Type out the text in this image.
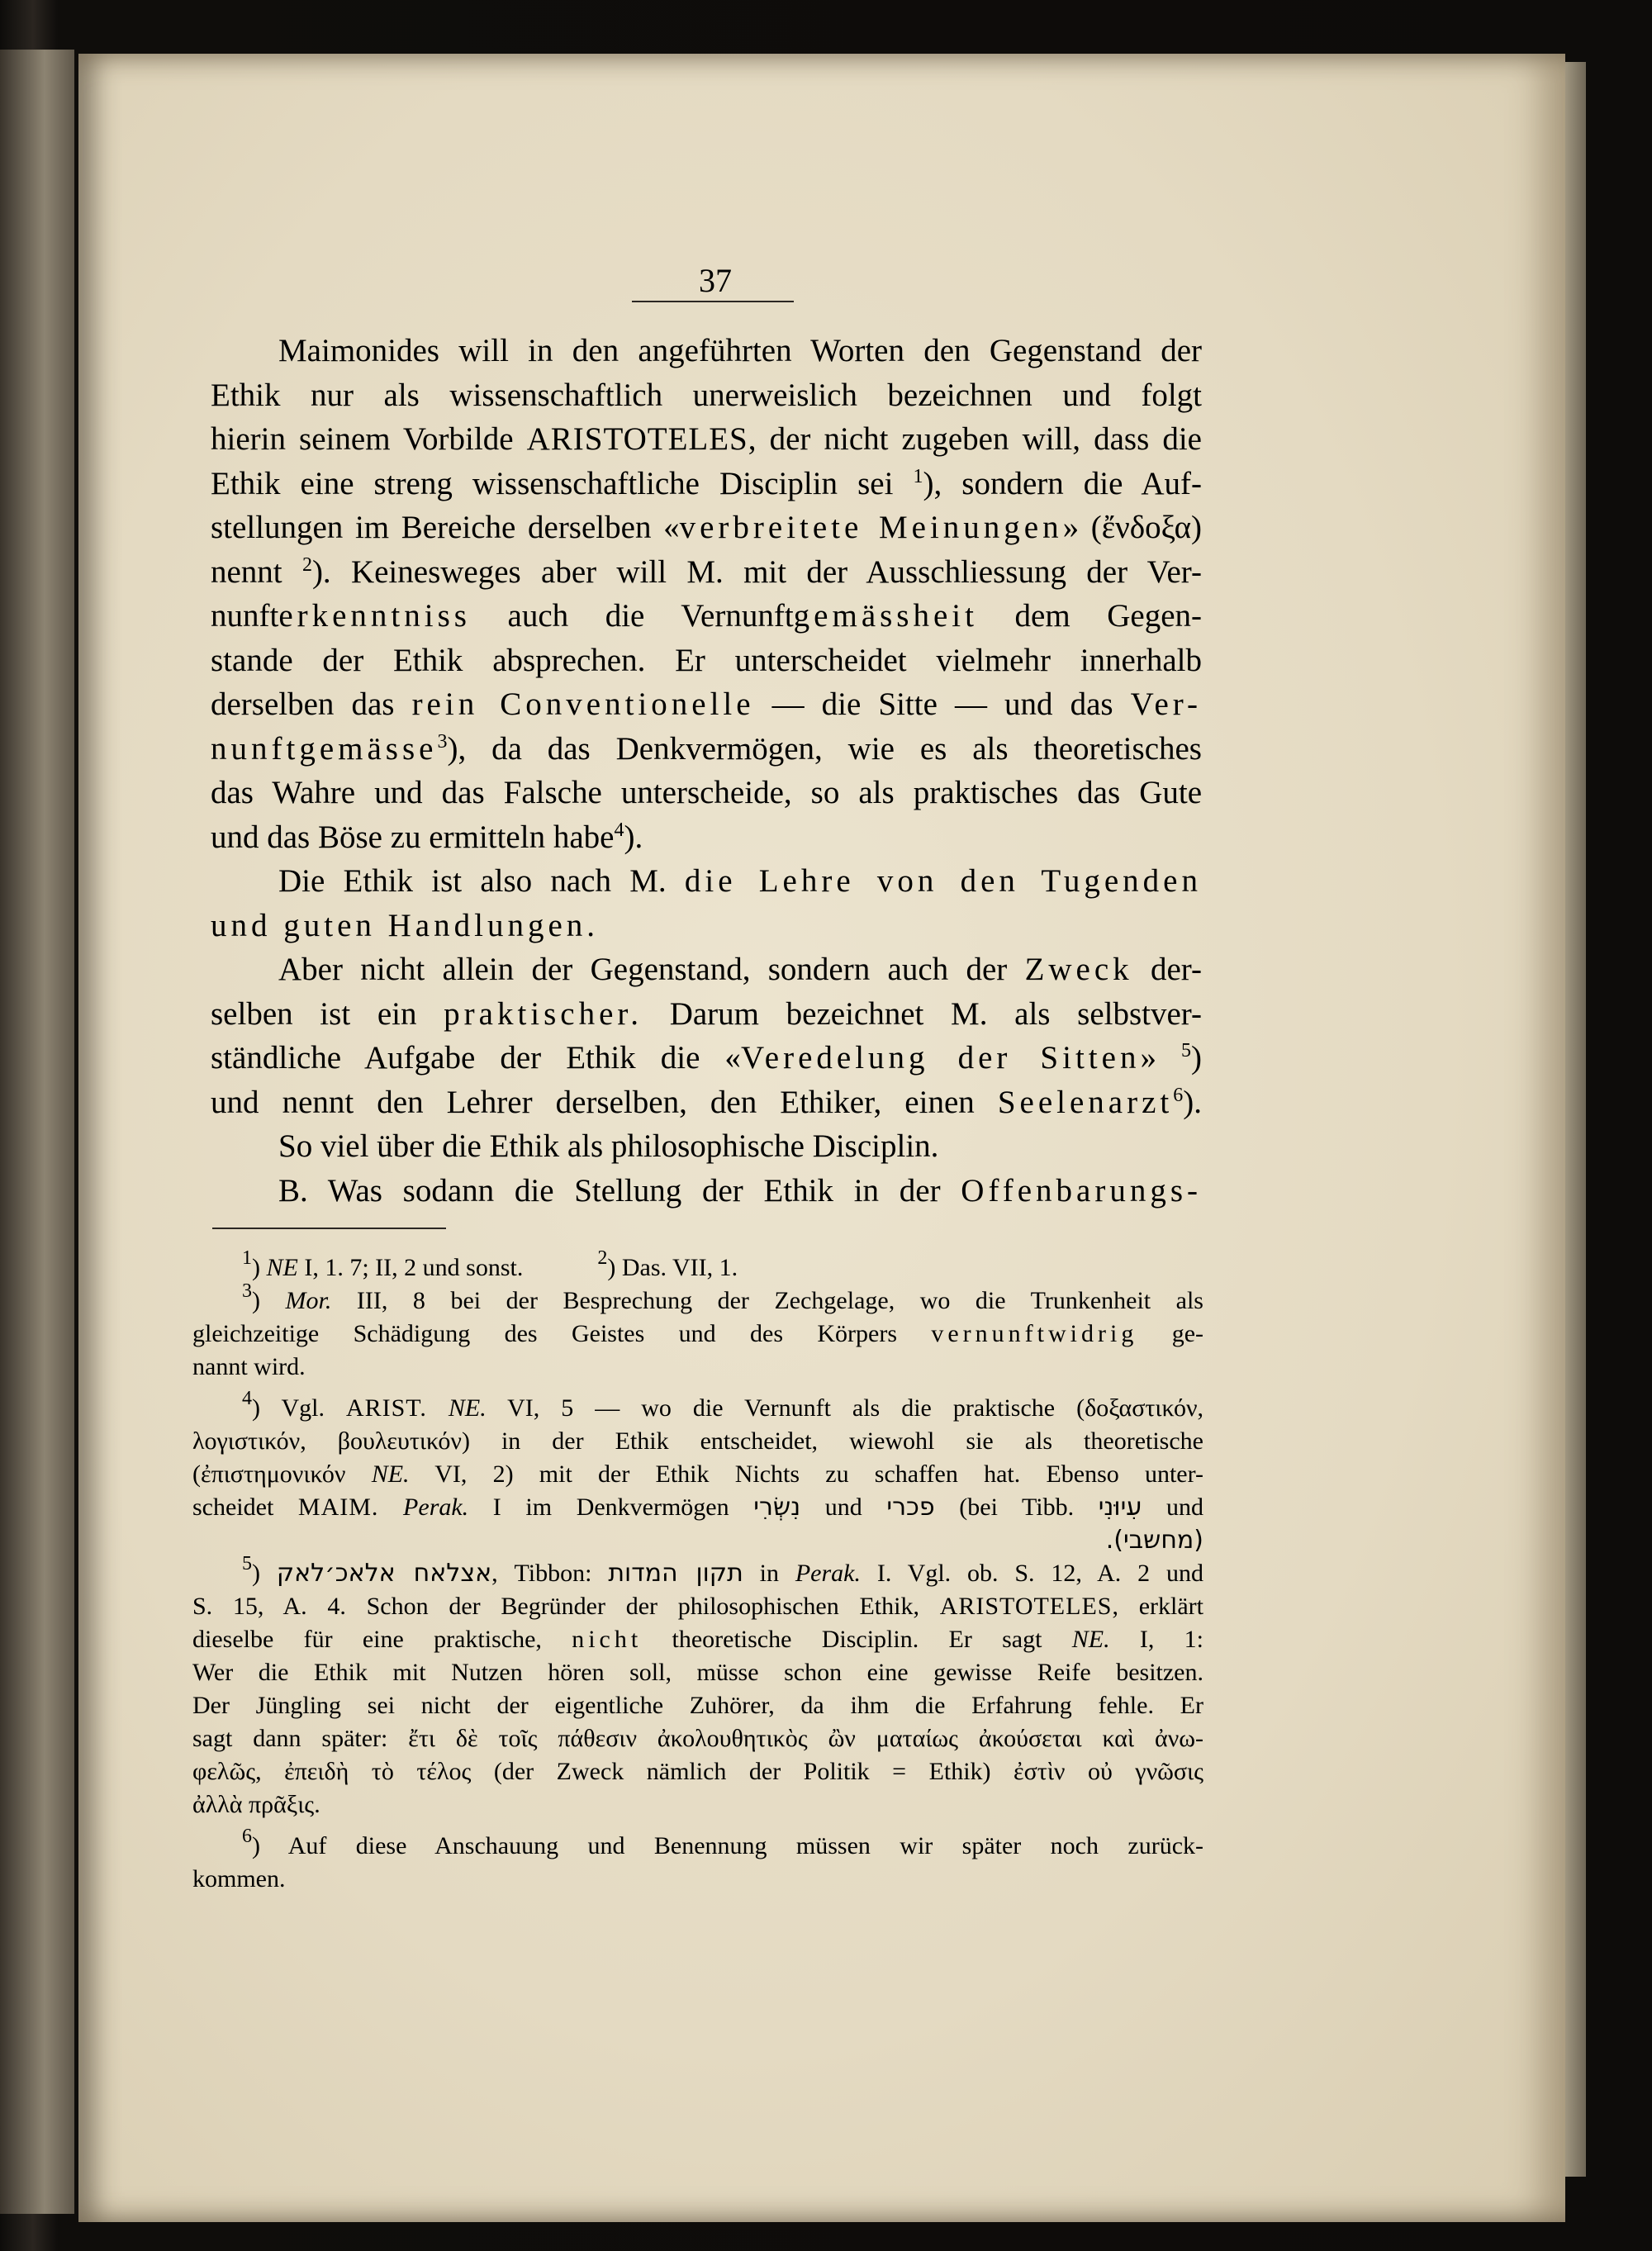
37
Maimonides will in den angeführten Worten den Gegenstand der
Ethik nur als wissenschaftlich unerweislich bezeichnen und folgt
hierin seinem Vorbilde ARISTOTELES, der nicht zugeben will, dass die
Ethik eine streng wissenschaftliche Disciplin sei $^1$), sondern die Auf-
stellungen im Bereiche derselben «verbreitete Meinungen» (ἔνδοξα)
nennt $^2$). Keinesweges aber will M. mit der Ausschliessung der Ver-
nunfterkenntniss auch die Vernunftgemässheit dem Gegen-
stande der Ethik absprechen. Er unterscheidet vielmehr innerhalb
derselben das rein Conventionelle — die Sitte — und das Ver-
nunftgemässe$^3$), da das Denkvermögen, wie es als theoretisches
das Wahre und das Falsche unterscheide, so als praktisches das Gute
und das Böse zu ermitteln habe$^4$).
Die Ethik ist also nach M. die Lehre von den Tugenden
und guten Handlungen.
Aber nicht allein der Gegenstand, sondern auch der Zweck der-
selben ist ein praktischer. Darum bezeichnet M. als selbstver-
ständliche Aufgabe der Ethik die «Veredelung der Sitten» $^5$)
und nennt den Lehrer derselben, den Ethiker, einen Seelenarzt$^6$).
So viel über die Ethik als philosophische Disciplin.
B. Was sodann die Stellung der Ethik in der Offenbarungs-
$^1$) NE I, 1. 7; II, 2 und sonst.	$^2$) Das. VII, 1.
$^3$) Mor. III, 8 bei der Besprechung der Zechgelage, wo die Trunkenheit als
gleichzeitige Schädigung des Geistes und des Körpers vernunftwidrig ge-
nannt wird.
$^4$) Vgl. ARIST. NE. VI, 5 — wo die Vernunft als die praktische (δοξαστικόν,
λογιστικόν, βουλευτικόν) in der Ethik entscheidet, wiewohl sie als theoretische
(ἐπιστημονικόν NE. VI, 2) mit der Ethik Nichts zu schaffen hat. Ebenso unter-
scheidet MAIM. Perak. I im Denkvermögen נִשְׂרִי und פכרי (bei Tibb. עִיוּנִי und
(מחשבי).
$^5$) אצלאח אלאכ׳לאק, Tibbon: תקון המדות in Perak. I. Vgl. ob. S. 12, A. 2 und
S. 15, A. 4. Schon der Begründer der philosophischen Ethik, ARISTOTELES, erklärt
dieselbe für eine praktische, nicht theoretische Disciplin. Er sagt NE. I, 1:
Wer die Ethik mit Nutzen hören soll, müsse schon eine gewisse Reife besitzen.
Der Jüngling sei nicht der eigentliche Zuhörer, da ihm die Erfahrung fehle. Er
sagt dann später: ἔτι δὲ τοῖς πάθεσιν ἀκολουθητικὸς ὢν ματαίως ἀκούσεται καὶ ἀνω-
φελῶς, ἐπειδὴ τὸ τέλος (der Zweck nämlich der Politik = Ethik) ἐστὶν οὐ γνῶσις
ἀλλὰ πρᾶξις.
$^6$) Auf diese Anschauung und Benennung müssen wir später noch zurück-
kommen.
